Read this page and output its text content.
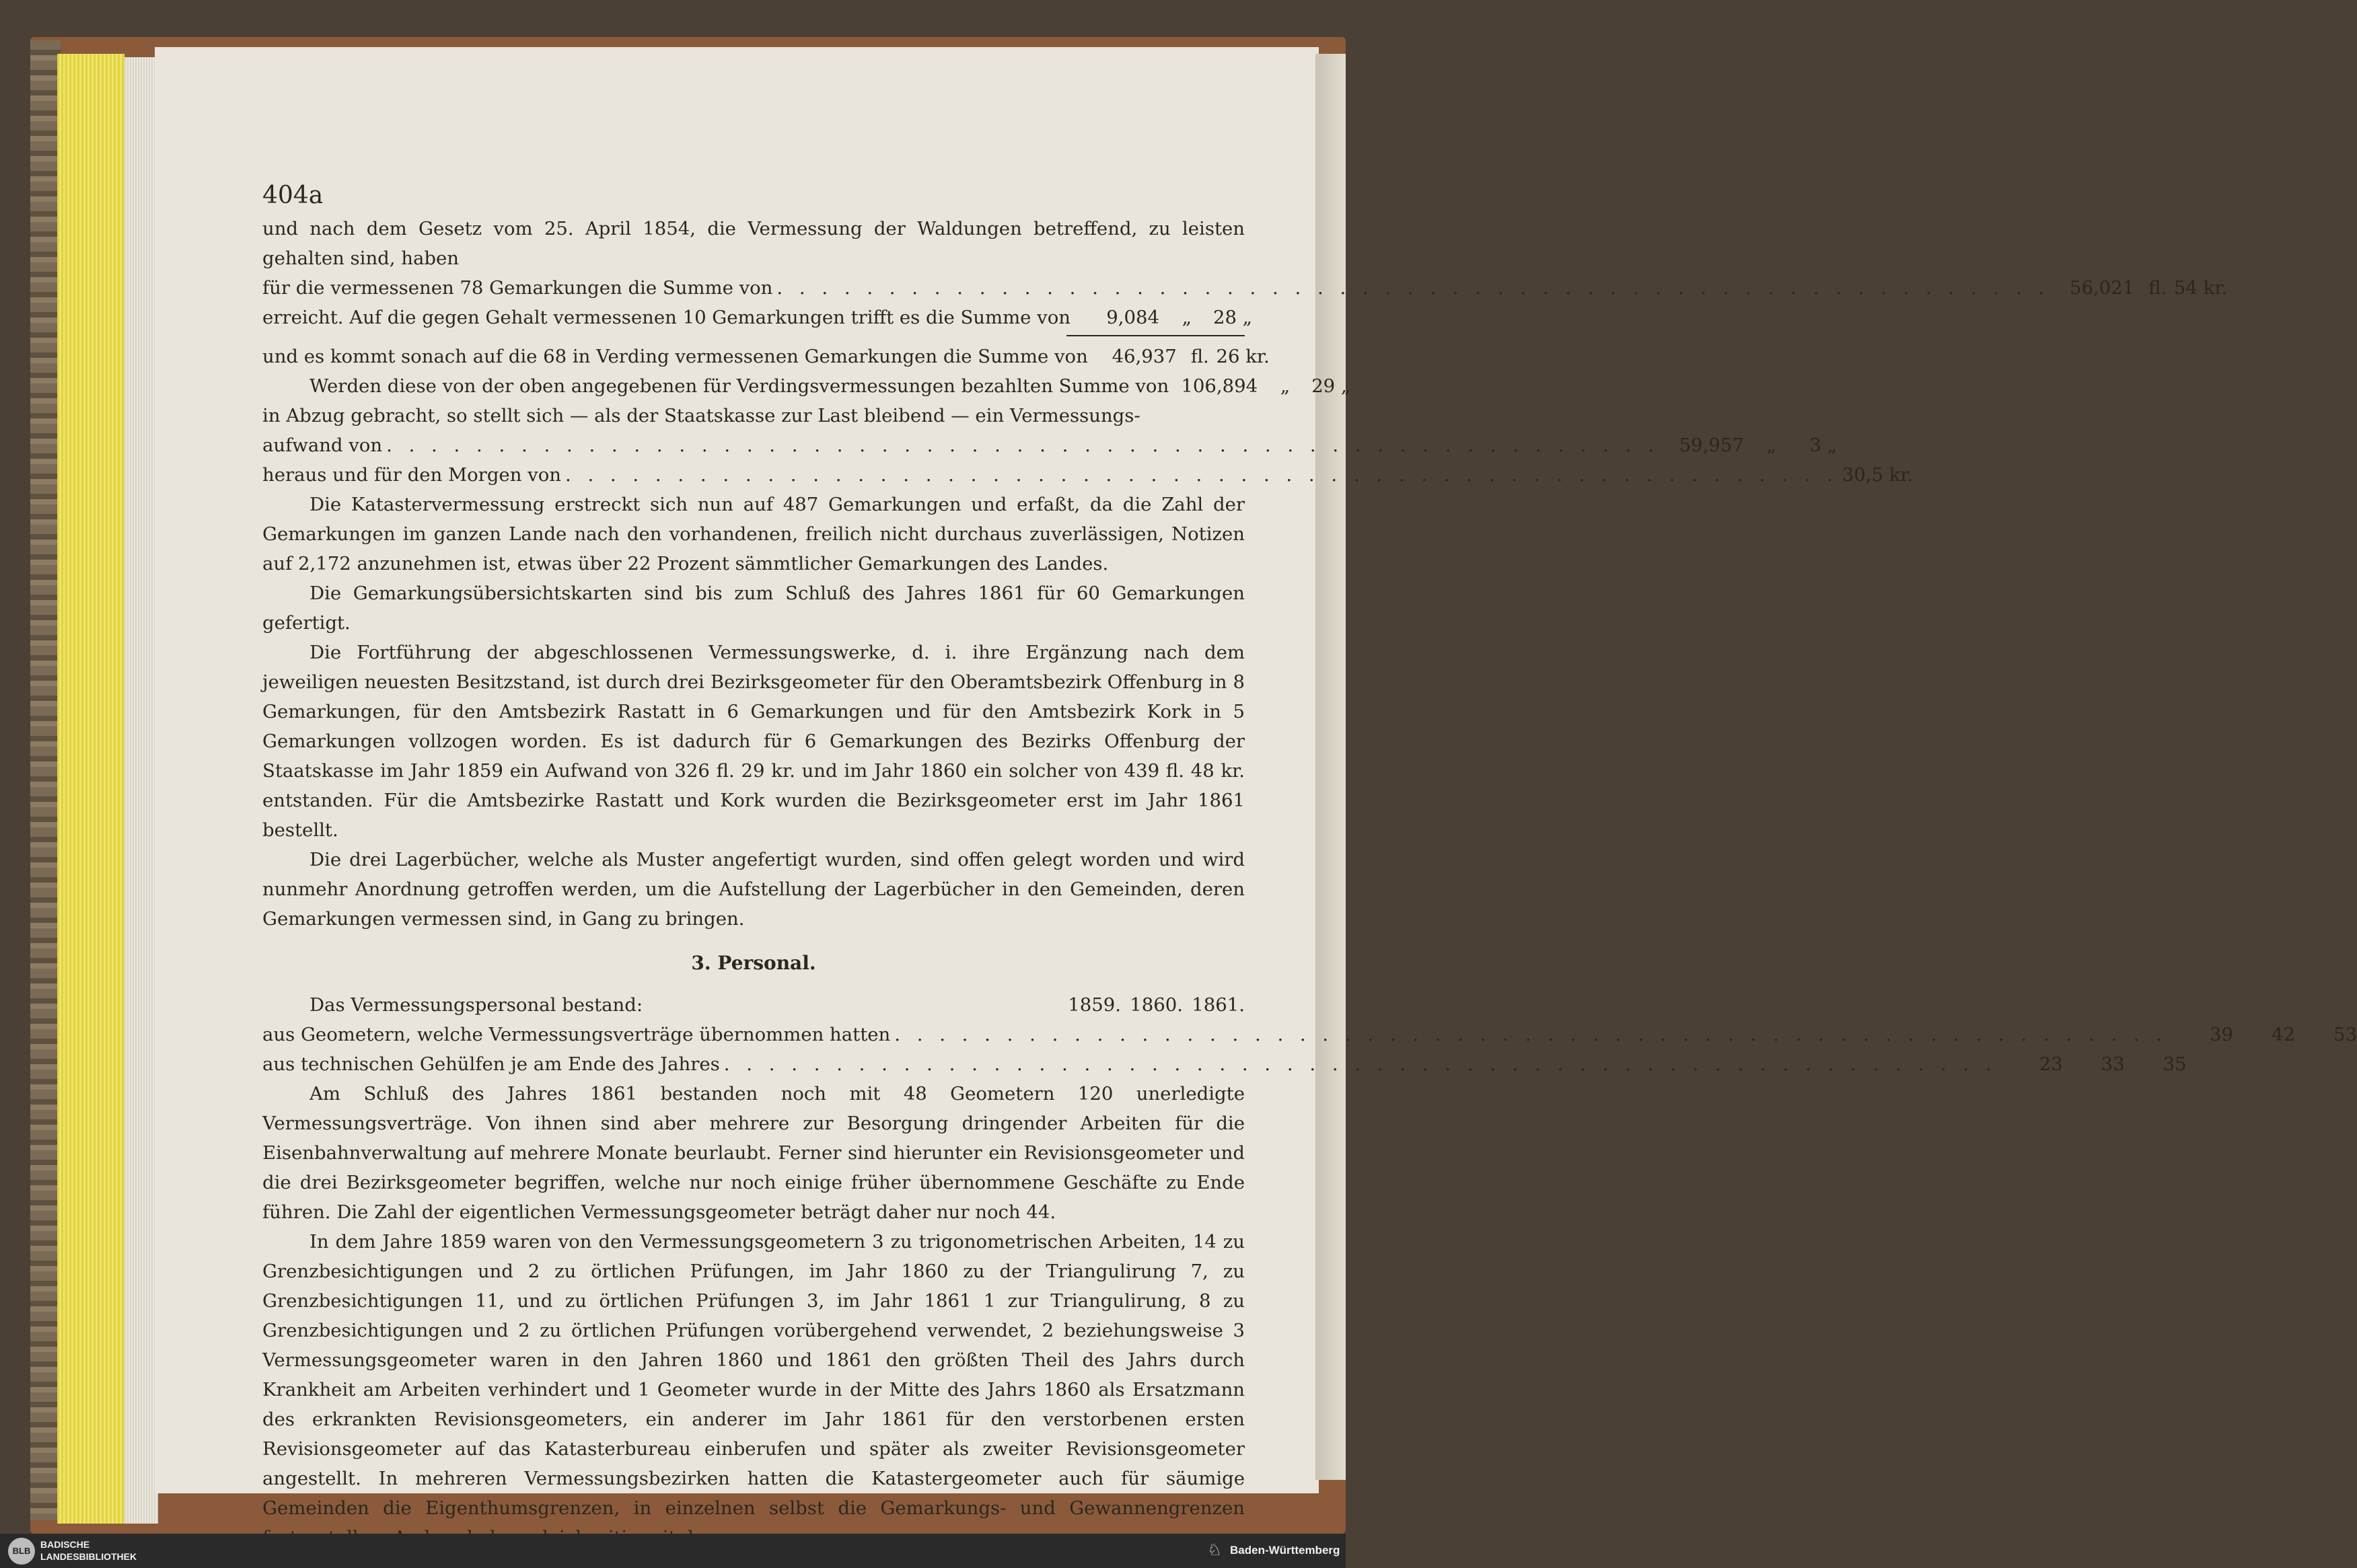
404a

und nach dem Gesetz vom 25. April 1854, die Vermessung der Waldungen betreffend, zu leisten gehalten sind, haben

für die vermessenen 78 Gemarkungen die Summe von . . . . . . . . . . . . . . . . . . . . . . . . . . . . . . . . . . . . . . . . . . . . . . . . . . . . . . . . .	56,021 fl. 54 kr.
erreicht. Auf die gegen Gehalt vermessenen 10 Gemarkungen trifft es die Summe von	9,084 „ 28 „
und es kommt sonach auf die 68 in Verding vermessenen Gemarkungen die Summe von	46,937 fl. 26 kr.
Werden diese von der oben angegebenen für Verdingsvermessungen bezahlten Summe von 106,894 „ 29 „

in Abzug gebracht, so stellt sich — als der Staatskasse zur Last bleibend — ein Vermessungs-

aufwand von . . . . . . . . . . . . . . . . . . . . . . . . . . . . . . . . . . . . . . . . . . . . . . . . . . . . . . . . .	59,957 „ 3 „
heraus und für den Morgen von . . . . . . . . . . . . . . . . . . . . . . . . . . . . . . . . . . . . . . . . . . . . . . . . . . . . . . . . . 30,5 kr.

Die Katastervermessung erstreckt sich nun auf 487 Gemarkungen und erfaßt, da die Zahl der Gemarkungen im ganzen Lande nach den vorhandenen, freilich nicht durchaus zuverlässigen, Notizen auf 2,172 anzunehmen ist, etwas über 22 Prozent sämmtlicher Gemarkungen des Landes.

Die Gemarkungsübersichtskarten sind bis zum Schluß des Jahres 1861 für 60 Gemarkungen gefertigt.

Die Fortführung der abgeschlossenen Vermessungswerke, d. i. ihre Ergänzung nach dem jeweiligen neuesten Besitzstand, ist durch drei Bezirksgeometer für den Oberamtsbezirk Offenburg in 8 Gemarkungen, für den Amtsbezirk Rastatt in 6 Gemarkungen und für den Amtsbezirk Kork in 5 Gemarkungen vollzogen worden. Es ist dadurch für 6 Gemarkungen des Bezirks Offenburg der Staatskasse im Jahr 1859 ein Aufwand von 326 fl. 29 kr. und im Jahr 1860 ein solcher von 439 fl. 48 kr. entstanden. Für die Amtsbezirke Rastatt und Kork wurden die Bezirksgeometer erst im Jahr 1861 bestellt.

Die drei Lagerbücher, welche als Muster angefertigt wurden, sind offen gelegt worden und wird nunmehr Anordnung getroffen werden, um die Aufstellung der Lagerbücher in den Gemeinden, deren Gemarkungen vermessen sind, in Gang zu bringen.

3. Personal.
Das Vermessungspersonal bestand:	1859. 1860. 1861.
aus Geometern, welche Vermessungsverträge übernommen hatten . . . . . . . . . . . . . . . . . . . . . . . . . . . . . . . . . . . . . . . . . . . . . . . . . . . . . . . . .	39 42 53
aus technischen Gehülfen je am Ende des Jahres . . . . . . . . . . . . . . . . . . . . . . . . . . . . . . . . . . . . . . . . . . . . . . . . . . . . . . . . .	23 33 35

Am Schluß des Jahres 1861 bestanden noch mit 48 Geometern 120 unerledigte Vermessungsverträge. Von ihnen sind aber mehrere zur Besorgung dringender Arbeiten für die Eisenbahnverwaltung auf mehrere Monate beurlaubt. Ferner sind hierunter ein Revisionsgeometer und die drei Bezirksgeometer begriffen, welche nur noch einige früher übernommene Geschäfte zu Ende führen. Die Zahl der eigentlichen Vermessungsgeometer beträgt daher nur noch 44.

In dem Jahre 1859 waren von den Vermessungsgeometern 3 zu trigonometrischen Arbeiten, 14 zu Grenzbesichtigungen und 2 zu örtlichen Prüfungen, im Jahr 1860 zu der Triangulirung 7, zu Grenzbesichtigungen 11, und zu örtlichen Prüfungen 3, im Jahr 1861 1 zur Triangulirung, 8 zu Grenzbesichtigungen und 2 zu örtlichen Prüfungen vorübergehend verwendet, 2 beziehungsweise 3 Vermessungsgeometer waren in den Jahren 1860 und 1861 den größten Theil des Jahrs durch Krankheit am Arbeiten verhindert und 1 Geometer wurde in der Mitte des Jahrs 1860 als Ersatzmann des erkrankten Revisionsgeometers, ein anderer im Jahr 1861 für den verstorbenen ersten Revisionsgeometer auf das Katasterbureau einberufen und später als zweiter Revisionsgeometer angestellt. In mehreren Vermessungsbezirken hatten die Katastergeometer auch für säumige Gemeinden die Eigenthumsgrenzen, in einzelnen selbst die Gemarkungs- und Gewannengrenzen

BLB
BADISCHE
LANDESBIBLIOTHEK	♘ Baden-Württemberg
